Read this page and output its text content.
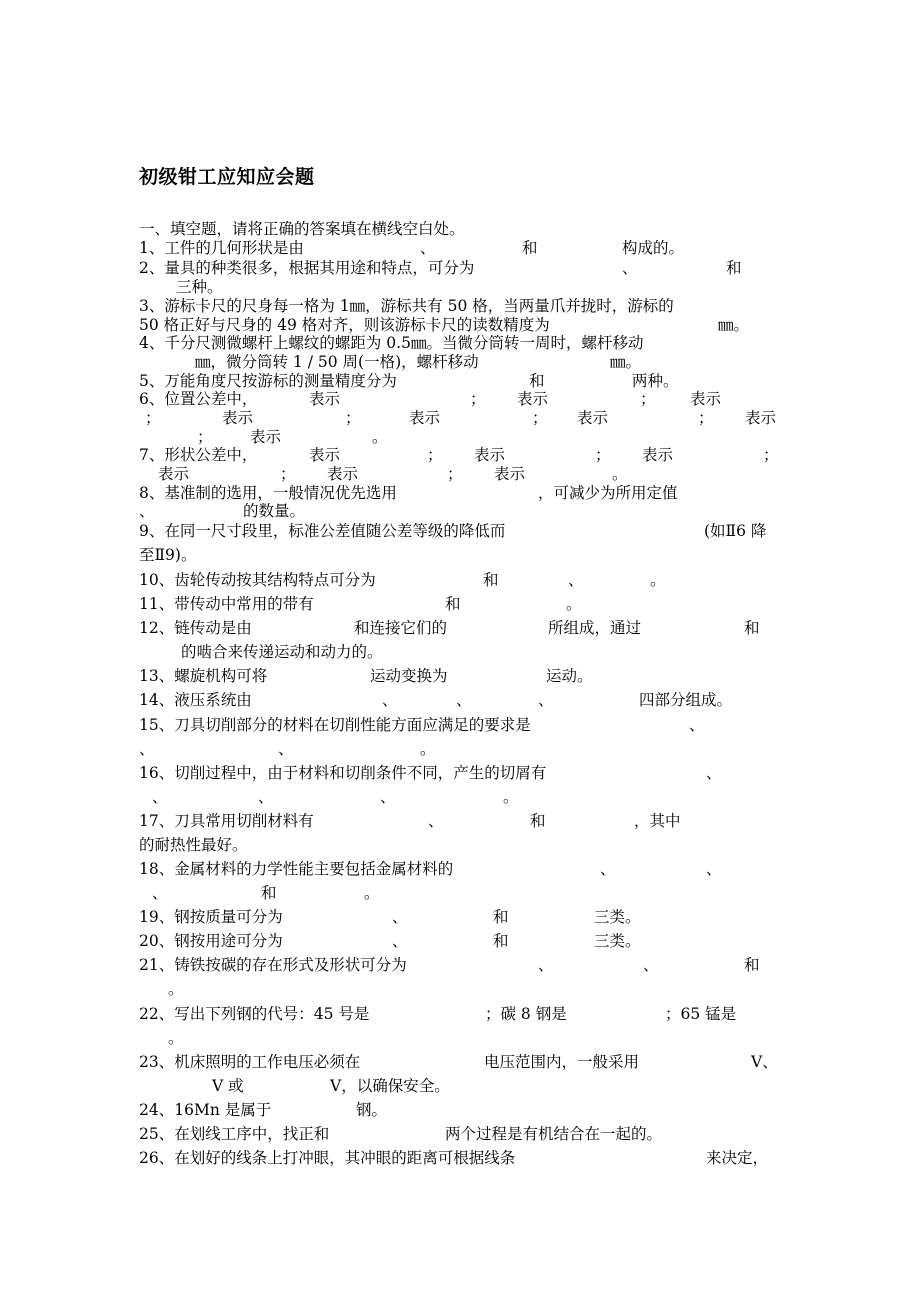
初级钳工应知应会题
一、填空题，请将正确的答案填在横线空白处。
1、工件的几何形状是由	、	和	构成的。
2、量具的种类很多，根据其用途和特点，可分为	、	和
三种。
3、游标卡尺的尺身每一格为 1㎜，游标共有 50 格，当两量爪并拢时，游标的
50 格正好与尺身的 49 格对齐，则该游标卡尺的读数精度为	㎜。
4、千分尺测微螺杆上螺纹的螺距为 0.5㎜。当微分筒转一周时，螺杆移动
㎜，微分筒转 1 / 50 周(一格)，螺杆移动	㎜。
5、万能角度尺按游标的测量精度分为	和	两种。
6、位置公差中，	表示	； 表示	； 表示
；	表示	；	表示	； 表示	； 表示
； 表示	。
7、形状公差中，	表示	； 表示	； 表示	；
表示	； 表示	； 表示	。
8、基准制的选用，一般情况优先选用	，可减少为所用定值
、	的数量。
9、在同一尺寸段里，标准公差值随公差等级的降低而	(如Ⅱ6 降
至Ⅱ9)。
10、齿轮传动按其结构特点可分为	和	、	。
11、带传动中常用的带有	和	。
12、链传动是由	和连接它们的	所组成，通过	和
的啮合来传递运动和动力的。
13、螺旋机构可将	运动变换为	运动。
14、液压系统由	、	、	、	四部分组成。
15、刀具切削部分的材料在切削性能方面应满足的要求是	、
、	、	。
16、切削过程中，由于材料和切削条件不同，产生的切屑有	、
、	、	、	。
17、刀具常用切削材料有	、	和	，其中
的耐热性最好。
18、金属材料的力学性能主要包括金属材料的	、	、
、	和	。
19、钢按质量可分为	、	和	三类。
20、钢按用途可分为	、	和	三类。
21、铸铁按碳的存在形式及形状可分为	、	、	和
。
22、写出下列钢的代号：45 号是	；碳 8 钢是	；65 锰是
。
23、机床照明的工作电压必须在	电压范围内，一般采用	V、
V 或	V，以确保安全。
24、16Mn 是属于	钢。
25、在划线工序中，找正和	两个过程是有机结合在一起的。
26、在划好的线条上打冲眼，其冲眼的距离可根据线条	来决定，
